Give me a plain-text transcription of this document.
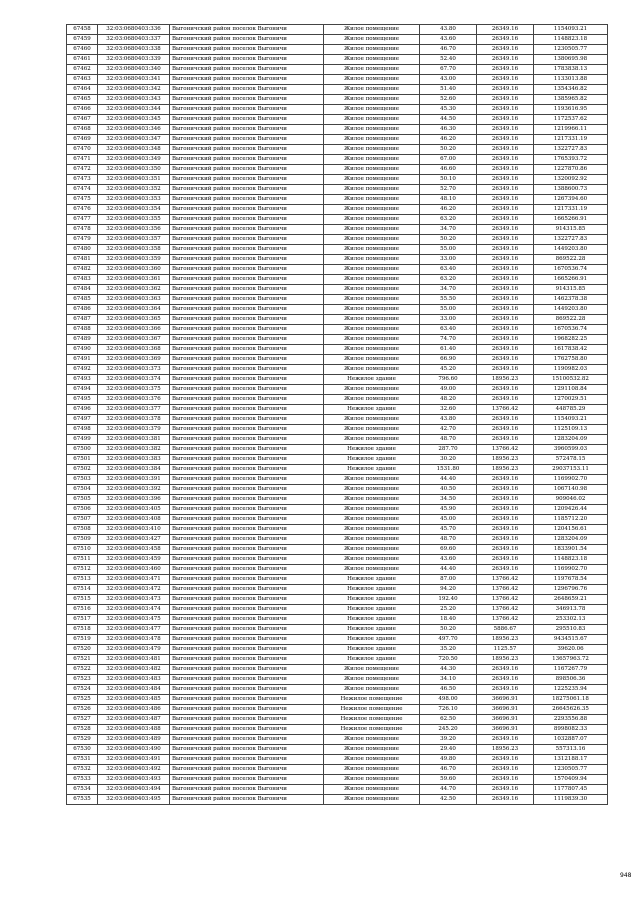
67458	32:03:0680403:336	Выгоничский район поселок Выгоничи	Жилое помещение	43.80	26349.16	1154093.21
67459	32:03:0680403:337	Выгоничский район поселок Выгоничи	Жилое помещение	43.60	26349.16	1148823.18
67460	32:03:0680403:338	Выгоничский район поселок Выгоничи	Жилое помещение	46.70	26349.16	1230505.77
67461	32:03:0680403:339	Выгоничский район поселок Выгоничи	Жилое помещение	52.40	26349.16	1380695.98
67462	32:03:0680403:340	Выгоничский район поселок Выгоничи	Жилое помещение	67.70	26349.16	1783838.13
67463	32:03:0680403:341	Выгоничский район поселок Выгоничи	Жилое помещение	43.00	26349.16	1133013.88
67464	32:03:0680403:342	Выгоничский район поселок Выгоничи	Жилое помещение	51.40	26349.16	1354346.82
67465	32:03:0680403:343	Выгоничский район поселок Выгоничи	Жилое помещение	52.60	26349.16	1385965.82
67466	32:03:0680403:344	Выгоничский район поселок Выгоничи	Жилое помещение	45.30	26349.16	1193616.95
67467	32:03:0680403:345	Выгоничский район поселок Выгоничи	Жилое помещение	44.50	26349.16	1172537.62
67468	32:03:0680403:346	Выгоничский район поселок Выгоничи	Жилое помещение	46.30	26349.16	1219966.11
67469	32:03:0680403:347	Выгоничский район поселок Выгоничи	Жилое помещение	46.20	26349.16	1217331.19
67470	32:03:0680403:348	Выгоничский район поселок Выгоничи	Жилое помещение	50.20	26349.16	1322727.83
67471	32:03:0680403:349	Выгоничский район поселок Выгоничи	Жилое помещение	67.00	26349.16	1765393.72
67472	32:03:0680403:350	Выгоничский район поселок Выгоничи	Жилое помещение	46.60	26349.16	1227870.86
67473	32:03:0680403:351	Выгоничский район поселок Выгоничи	Жилое помещение	50.10	26349.16	1320092.92
67474	32:03:0680403:352	Выгоничский район поселок Выгоничи	Жилое помещение	52.70	26349.16	1388600.73
67475	32:03:0680403:353	Выгоничский район поселок Выгоничи	Жилое помещение	48.10	26349.16	1267394.60
67476	32:03:0680403:354	Выгоничский район поселок Выгоничи	Жилое помещение	46.20	26349.16	1217331.19
67477	32:03:0680403:355	Выгоничский район поселок Выгоничи	Жилое помещение	63.20	26349.16	1665266.91
67478	32:03:0680403:356	Выгоничский район поселок Выгоничи	Жилое помещение	34.70	26349.16	914315.85
67479	32:03:0680403:357	Выгоничский район поселок Выгоничи	Жилое помещение	50.20	26349.16	1322727.83
67480	32:03:0680403:358	Выгоничский район поселок Выгоничи	Жилое помещение	55.00	26349.16	1449203.80
67481	32:03:0680403:359	Выгоничский район поселок Выгоничи	Жилое помещение	33.00	26349.16	869522.28
67482	32:03:0680403:360	Выгоничский район поселок Выгоничи	Жилое помещение	63.40	26349.16	1670536.74
67483	32:03:0680403:361	Выгоничский район поселок Выгоничи	Жилое помещение	63.20	26349.16	1665266.91
67484	32:03:0680403:362	Выгоничский район поселок Выгоничи	Жилое помещение	34.70	26349.16	914315.85
67485	32:03:0680403:363	Выгоничский район поселок Выгоничи	Жилое помещение	55.50	26349.16	1462378.38
67486	32:03:0680403:364	Выгоничский район поселок Выгоничи	Жилое помещение	55.00	26349.16	1449203.80
67487	32:03:0680403:365	Выгоничский район поселок Выгоничи	Жилое помещение	33.00	26349.16	869522.28
67488	32:03:0680403:366	Выгоничский район поселок Выгоничи	Жилое помещение	63.40	26349.16	1670536.74
67489	32:03:0680403:367	Выгоничский район поселок Выгоничи	Жилое помещение	74.70	26349.16	1968282.25
67490	32:03:0680403:368	Выгоничский район поселок Выгоничи	Жилое помещение	61.40	26349.16	1617838.42
67491	32:03:0680403:369	Выгоничский район поселок Выгоничи	Жилое помещение	66.90	26349.16	1762758.80
67492	32:03:0680403:373	Выгоничский район поселок Выгоничи	Жилое помещение	45.20	26349.16	1190982.03
67493	32:03:0680403:374	Выгоничский район поселок Выгоничи	Нежилое здание	796.60	18956.23	15100532.82
67494	32:03:0680403:375	Выгоничский район поселок Выгоничи	Жилое помещение	49.00	26349.16	1291108.84
67495	32:03:0680403:376	Выгоничский район поселок Выгоничи	Жилое помещение	48.20	26349.16	1270029.51
67496	32:03:0680403:377	Выгоничский район поселок Выгоничи	Нежилое здание	32.60	13766.42	448785.29
67497	32:03:0680403:378	Выгоничский район поселок Выгоничи	Жилое помещение	43.80	26349.16	1154093.21
67498	32:03:0680403:379	Выгоничский район поселок Выгоничи	Жилое помещение	42.70	26349.16	1125109.13
67499	32:03:0680403:381	Выгоничский район поселок Выгоничи	Жилое помещение	48.70	26349.16	1283204.09
67500	32:03:0680403:382	Выгоничский район поселок Выгоничи	Нежилое здание	287.70	13766.42	3960599.03
67501	32:03:0680403:383	Выгоничский район поселок Выгоничи	Нежилое здание	30.20	18956.23	572478.15
67502	32:03:0680403:384	Выгоничский район поселок Выгоничи	Нежилое здание	1531.80	18956.23	29037153.11
67503	32:03:0680403:391	Выгоничский район поселок Выгоничи	Жилое помещение	44.40	26349.16	1169902.70
67504	32:03:0680403:392	Выгоничский район поселок Выгоничи	Жилое помещение	40.50	26349.16	1067140.98
67505	32:03:0680403:396	Выгоничский район поселок Выгоничи	Жилое помещение	34.50	26349.16	909046.02
67506	32:03:0680403:405	Выгоничский район поселок Выгоничи	Жилое помещение	45.90	26349.16	1209426.44
67507	32:03:0680403:408	Выгоничский район поселок Выгоничи	Жилое помещение	45.00	26349.16	1185712.20
67508	32:03:0680403:410	Выгоничский район поселок Выгоничи	Жилое помещение	45.70	26349.16	1204156.61
67509	32:03:0680403:427	Выгоничский район поселок Выгоничи	Жилое помещение	48.70	26349.16	1283204.09
67510	32:03:0680403:458	Выгоничский район поселок Выгоничи	Жилое помещение	69.60	26349.16	1833901.54
67511	32:03:0680403:459	Выгоничский район поселок Выгоничи	Жилое помещение	43.60	26349.16	1148823.18
67512	32:03:0680403:460	Выгоничский район поселок Выгоничи	Жилое помещение	44.40	26349.16	1169902.70
67513	32:03:0680403:471	Выгоничский район поселок Выгоничи	Нежилое здание	87.00	13766.42	1197678.54
67514	32:03:0680403:472	Выгоничский район поселок Выгоничи	Нежилое здание	94.20	13766.42	1296796.76
67515	32:03:0680403:473	Выгоничский район поселок Выгоничи	Нежилое здание	192.40	13766.42	2648659.21
67516	32:03:0680403:474	Выгоничский район поселок Выгоничи	Нежилое здание	25.20	13766.42	346913.78
67517	32:03:0680403:475	Выгоничский район поселок Выгоничи	Нежилое здание	18.40	13766.42	253302.13
67518	32:03:0680403:477	Выгоничский район поселок Выгоничи	Нежилое здание	50.20	5886.67	295510.83
67519	32:03:0680403:478	Выгоничский район поселок Выгоничи	Нежилое здание	497.70	18956.23	9434515.67
67520	32:03:0680403:479	Выгоничский район поселок Выгоничи	Нежилое здание	35.20	1125.57	39620.06
67521	32:03:0680403:481	Выгоничский район поселок Выгоничи	Нежилое здание	720.50	18956.23	13657963.72
67522	32:03:0680403:482	Выгоничский район поселок Выгоничи	Жилое помещение	44.30	26349.16	1167267.79
67523	32:03:0680403:483	Выгоничский район поселок Выгоничи	Жилое помещение	34.10	26349.16	898506.36
67524	32:03:0680403:484	Выгоничский район поселок Выгоничи	Жилое помещение	46.50	26349.16	1225235.94
67525	32:03:0680403:485	Выгоничский район поселок Выгоничи	Нежилое помещение	498.00	36696.91	18275061.18
67526	32:03:0680403:486	Выгоничский район поселок Выгоничи	Нежилое помещение	726.10	36696.91	26645626.35
67527	32:03:0680403:487	Выгоничский район поселок Выгоничи	Нежилое помещение	62.50	36696.91	2293556.88
67528	32:03:0680403:488	Выгоничский район поселок Выгоничи	Нежилое помещение	245.20	36696.91	8998082.33
67529	32:03:0680403:489	Выгоничский район поселок Выгоничи	Жилое помещение	39.20	26349.16	1032887.07
67530	32:03:0680403:490	Выгоничский район поселок Выгоничи	Жилое помещение	29.40	18956.23	557313.16
67531	32:03:0680403:491	Выгоничский район поселок Выгоничи	Жилое помещение	49.80	26349.16	1312188.17
67532	32:03:0680403:492	Выгоничский район поселок Выгоничи	Жилое помещение	46.70	26349.16	1230505.77
67533	32:03:0680403:493	Выгоничский район поселок Выгоничи	Жилое помещение	59.60	26349.16	1570409.94
67534	32:03:0680403:494	Выгоничский район поселок Выгоничи	Жилое помещение	44.70	26349.16	1177807.45
67535	32:03:0680403:495	Выгоничский район поселок Выгоничи	Жилое помещение	42.50	26349.16	1119839.30
948
